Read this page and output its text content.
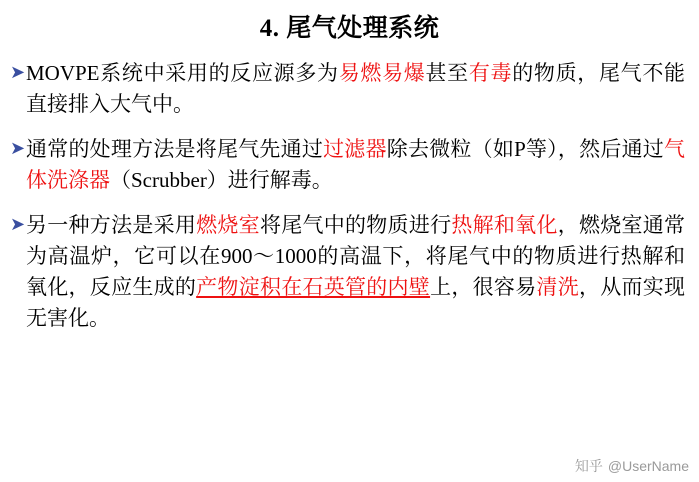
4. 尾气处理系统
➤ MOVPE系统中采用的反应源多为易燃易爆甚至有毒的物质，尾气不能直接排入大气中。
➤ 通常的处理方法是将尾气先通过过滤器除去微粒（如P等），然后通过气体洗涤器（Scrubber）进行解毒。
➤ 另一种方法是采用燃烧室将尾气中的物质进行热解和氧化，燃烧室通常为高温炉，它可以在900～1000的高温下，将尾气中的物质进行热解和氧化，反应生成的产物淀积在石英管的内壁上，很容易清洗，从而实现无害化。
知乎 @UserName
